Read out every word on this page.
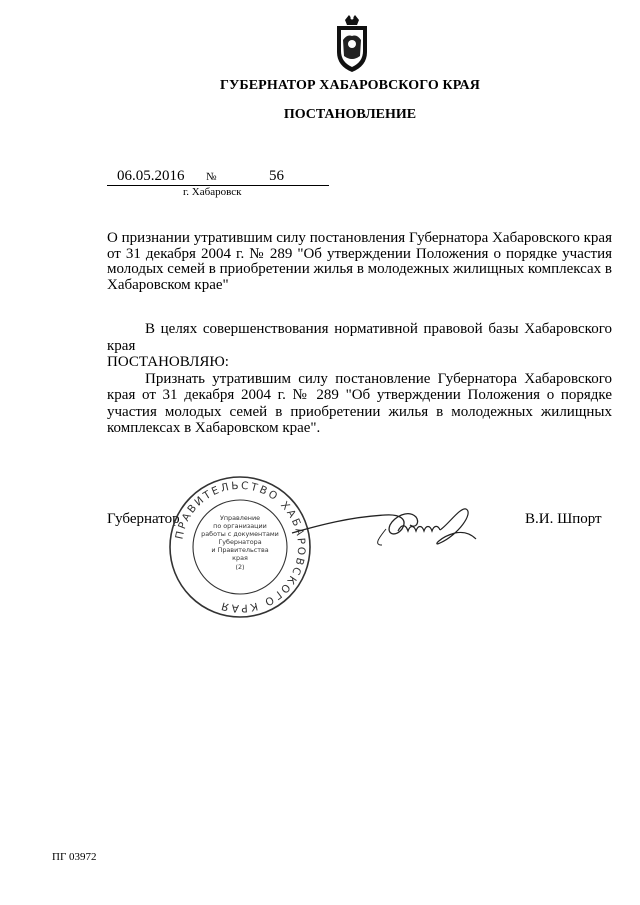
ГУБЕРНАТОР ХАБАРОВСКОГО КРАЯ
ПОСТАНОВЛЕНИЕ
06.05.2016 №	56
г. Хабаровск
О признании утратившим силу постановления Губернатора Хабаровского края от 31 декабря 2004 г. № 289 "Об утверждении Положения о порядке участия молодых семей в приобретении жилья в молодежных жилищных комплексах в Хабаровском крае"

В целях совершенствования нормативной правовой базы Хабаровского края

ПОСТАНОВЛЯЮ:

Признать утратившим силу постановление Губернатора Хабаровского края от 31 декабря 2004 г. № 289 "Об утверждении Положения о порядке участия молодых семей в приобретении жилья в молодежных жилищных комплексах в Хабаровском крае".

Губернатор	В.И. Шпорт
ПРАВИТЕЛЬСТВО ХАБАРОВСКОГО КРАЯ
Управление
по организации
работы с документами
Губернатора
и Правительства
края
(2)
ПГ 03972
